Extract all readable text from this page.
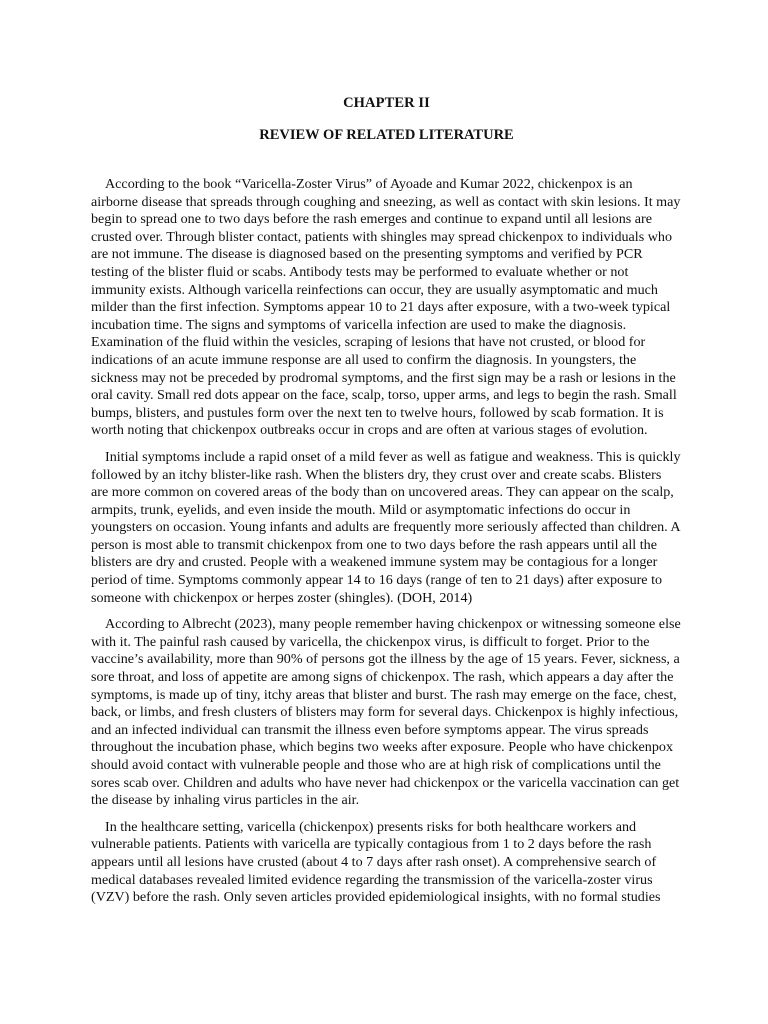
CHAPTER II

REVIEW OF RELATED LITERATURE

According to the book “Varicella-Zoster Virus” of Ayoade and Kumar 2022, chickenpox is an airborne disease that spreads through coughing and sneezing, as well as contact with skin lesions. It may begin to spread one to two days before the rash emerges and continue to expand until all lesions are crusted over. Through blister contact, patients with shingles may spread chickenpox to individuals who are not immune. The disease is diagnosed based on the presenting symptoms and verified by PCR testing of the blister fluid or scabs. Antibody tests may be performed to evaluate whether or not immunity exists. Although varicella reinfections can occur, they are usually asymptomatic and much milder than the first infection. Symptoms appear 10 to 21 days after exposure, with a two-week typical incubation time. The signs and symptoms of varicella infection are used to make the diagnosis. Examination of the fluid within the vesicles, scraping of lesions that have not crusted, or blood for indications of an acute immune response are all used to confirm the diagnosis. In youngsters, the sickness may not be preceded by prodromal symptoms, and the first sign may be a rash or lesions in the oral cavity. Small red dots appear on the face, scalp, torso, upper arms, and legs to begin the rash. Small bumps, blisters, and pustules form over the next ten to twelve hours, followed by scab formation. It is worth noting that chickenpox outbreaks occur in crops and are often at various stages of evolution.

Initial symptoms include a rapid onset of a mild fever as well as fatigue and weakness. This is quickly followed by an itchy blister-like rash. When the blisters dry, they crust over and create scabs. Blisters are more common on covered areas of the body than on uncovered areas. They can appear on the scalp, armpits, trunk, eyelids, and even inside the mouth. Mild or asymptomatic infections do occur in youngsters on occasion. Young infants and adults are frequently more seriously affected than children. A person is most able to transmit chickenpox from one to two days before the rash appears until all the blisters are dry and crusted. People with a weakened immune system may be contagious for a longer period of time. Symptoms commonly appear 14 to 16 days (range of ten to 21 days) after exposure to someone with chickenpox or herpes zoster (shingles). (DOH, 2014)

According to Albrecht (2023), many people remember having chickenpox or witnessing someone else with it. The painful rash caused by varicella, the chickenpox virus, is difficult to forget. Prior to the vaccine’s availability, more than 90% of persons got the illness by the age of 15 years. Fever, sickness, a sore throat, and loss of appetite are among signs of chickenpox. The rash, which appears a day after the symptoms, is made up of tiny, itchy areas that blister and burst. The rash may emerge on the face, chest, back, or limbs, and fresh clusters of blisters may form for several days. Chickenpox is highly infectious, and an infected individual can transmit the illness even before symptoms appear. The virus spreads throughout the incubation phase, which begins two weeks after exposure. People who have chickenpox should avoid contact with vulnerable people and those who are at high risk of complications until the sores scab over. Children and adults who have never had chickenpox or the varicella vaccination can get the disease by inhaling virus particles in the air.

In the healthcare setting, varicella (chickenpox) presents risks for both healthcare workers and vulnerable patients. Patients with varicella are typically contagious from 1 to 2 days before the rash appears until all lesions have crusted (about 4 to 7 days after rash onset). A comprehensive search of medical databases revealed limited evidence regarding the transmission of the varicella-zoster virus (VZV) before the rash. Only seven articles provided epidemiological insights, with no formal studies
